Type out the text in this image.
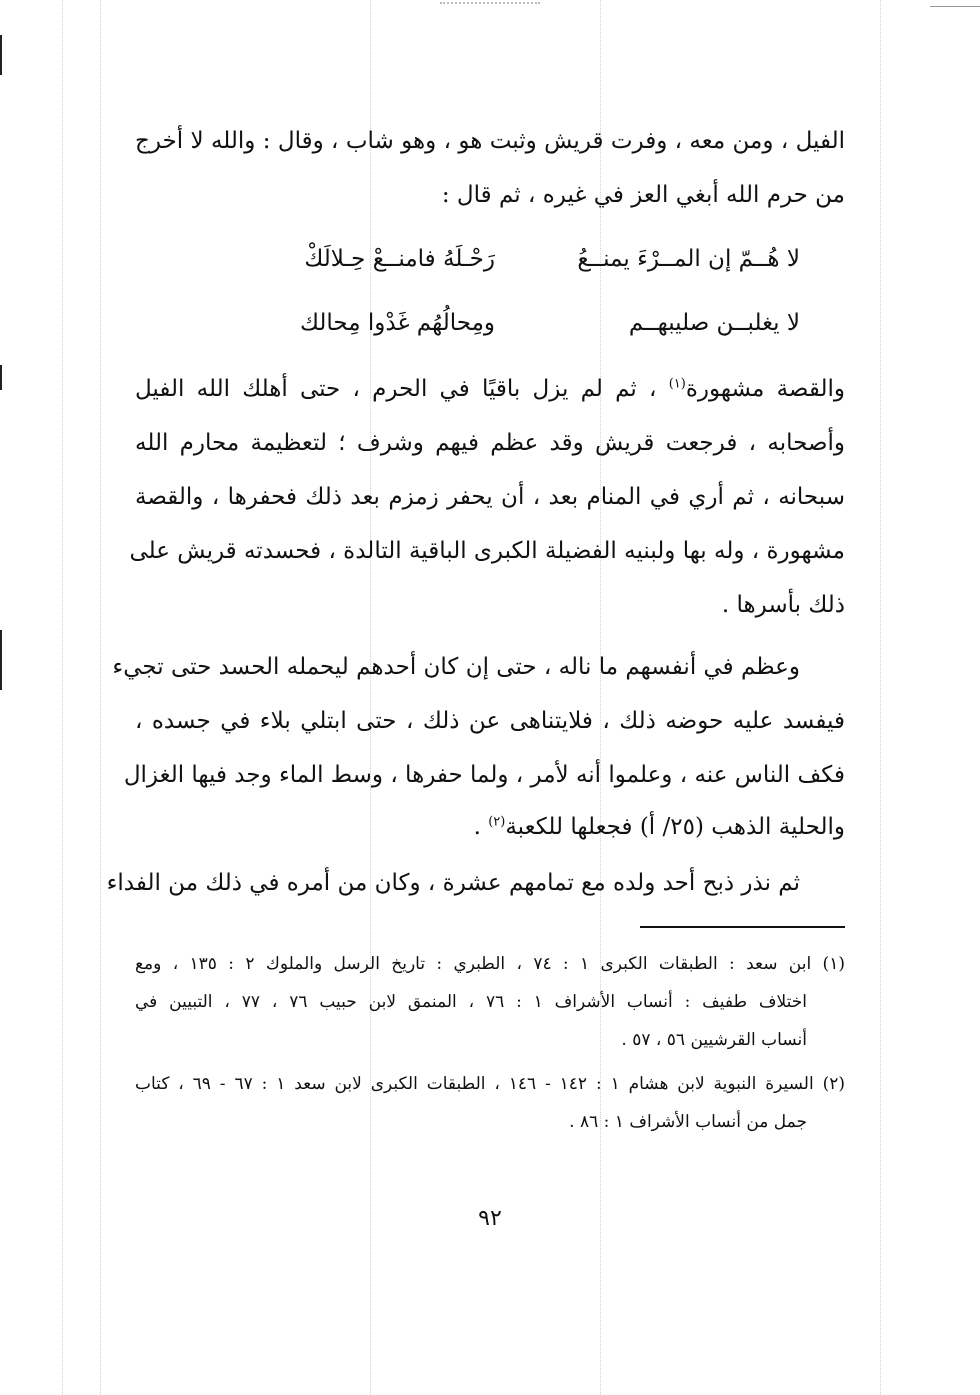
الفيل ، ومن معه ، وفرت قريش وثبت هو ، وهو شاب ، وقال : والله لا أخرج
من حرم الله أبغي العز في غيره ، ثم قال :
لا هُــمّ إن المــرْءَ يمنــعُ
رَحْـلَهُ فامنــعْ حِـلالَكْ
لا يغلبــن صليبهــم
ومِحالُهُم غَدْوا مِحالك
والقصة مشهورة$^{(١)}$ ، ثم لم يزل باقيًا في الحرم ، حتى أهلك الله الفيل
وأصحابه ، فرجعت قريش وقد عظم فيهم وشرف ؛ لتعظيمة محارم الله
سبحانه ، ثم أري في المنام بعد ، أن يحفر زمزم بعد ذلك فحفرها ، والقصة
مشهورة ، وله بها ولبنيه الفضيلة الكبرى الباقية التالدة ، فحسدته قريش على
ذلك بأسرها .
وعظم في أنفسهم ما ناله ، حتى إن كان أحدهم ليحمله الحسد حتى تجيء
فيفسد عليه حوضه ذلك ، فلايتناهى عن ذلك ، حتى ابتلي بلاء في جسده ،
فكف الناس عنه ، وعلموا أنه لأمر ، ولما حفرها ، وسط الماء وجد فيها الغزال
والحلية الذهب (٢٥/ أ) فجعلها للكعبة$^{(٢)}$ .
ثم نذر ذبح أحد ولده مع تمامهم عشرة ، وكان من أمره في ذلك من الفداء
(١) ابن سعد : الطبقات الكبرى ١ : ٧٤ ، الطبري : تاريخ الرسل والملوك ٢ : ١٣٥ ، ومع
اختلاف طفيف : أنساب الأشراف ١ : ٧٦ ، المنمق لابن حبيب ٧٦ ، ٧٧ ، التبيين في
أنساب القرشيين ٥٦ ، ٥٧ .
(٢) السيرة النبوية لابن هشام ١ : ١٤٢ - ١٤٦ ، الطبقات الكبرى لابن سعد ١ : ٦٧ - ٦٩ ، كتاب
جمل من أنساب الأشراف ١ : ٨٦ .
٩٢
